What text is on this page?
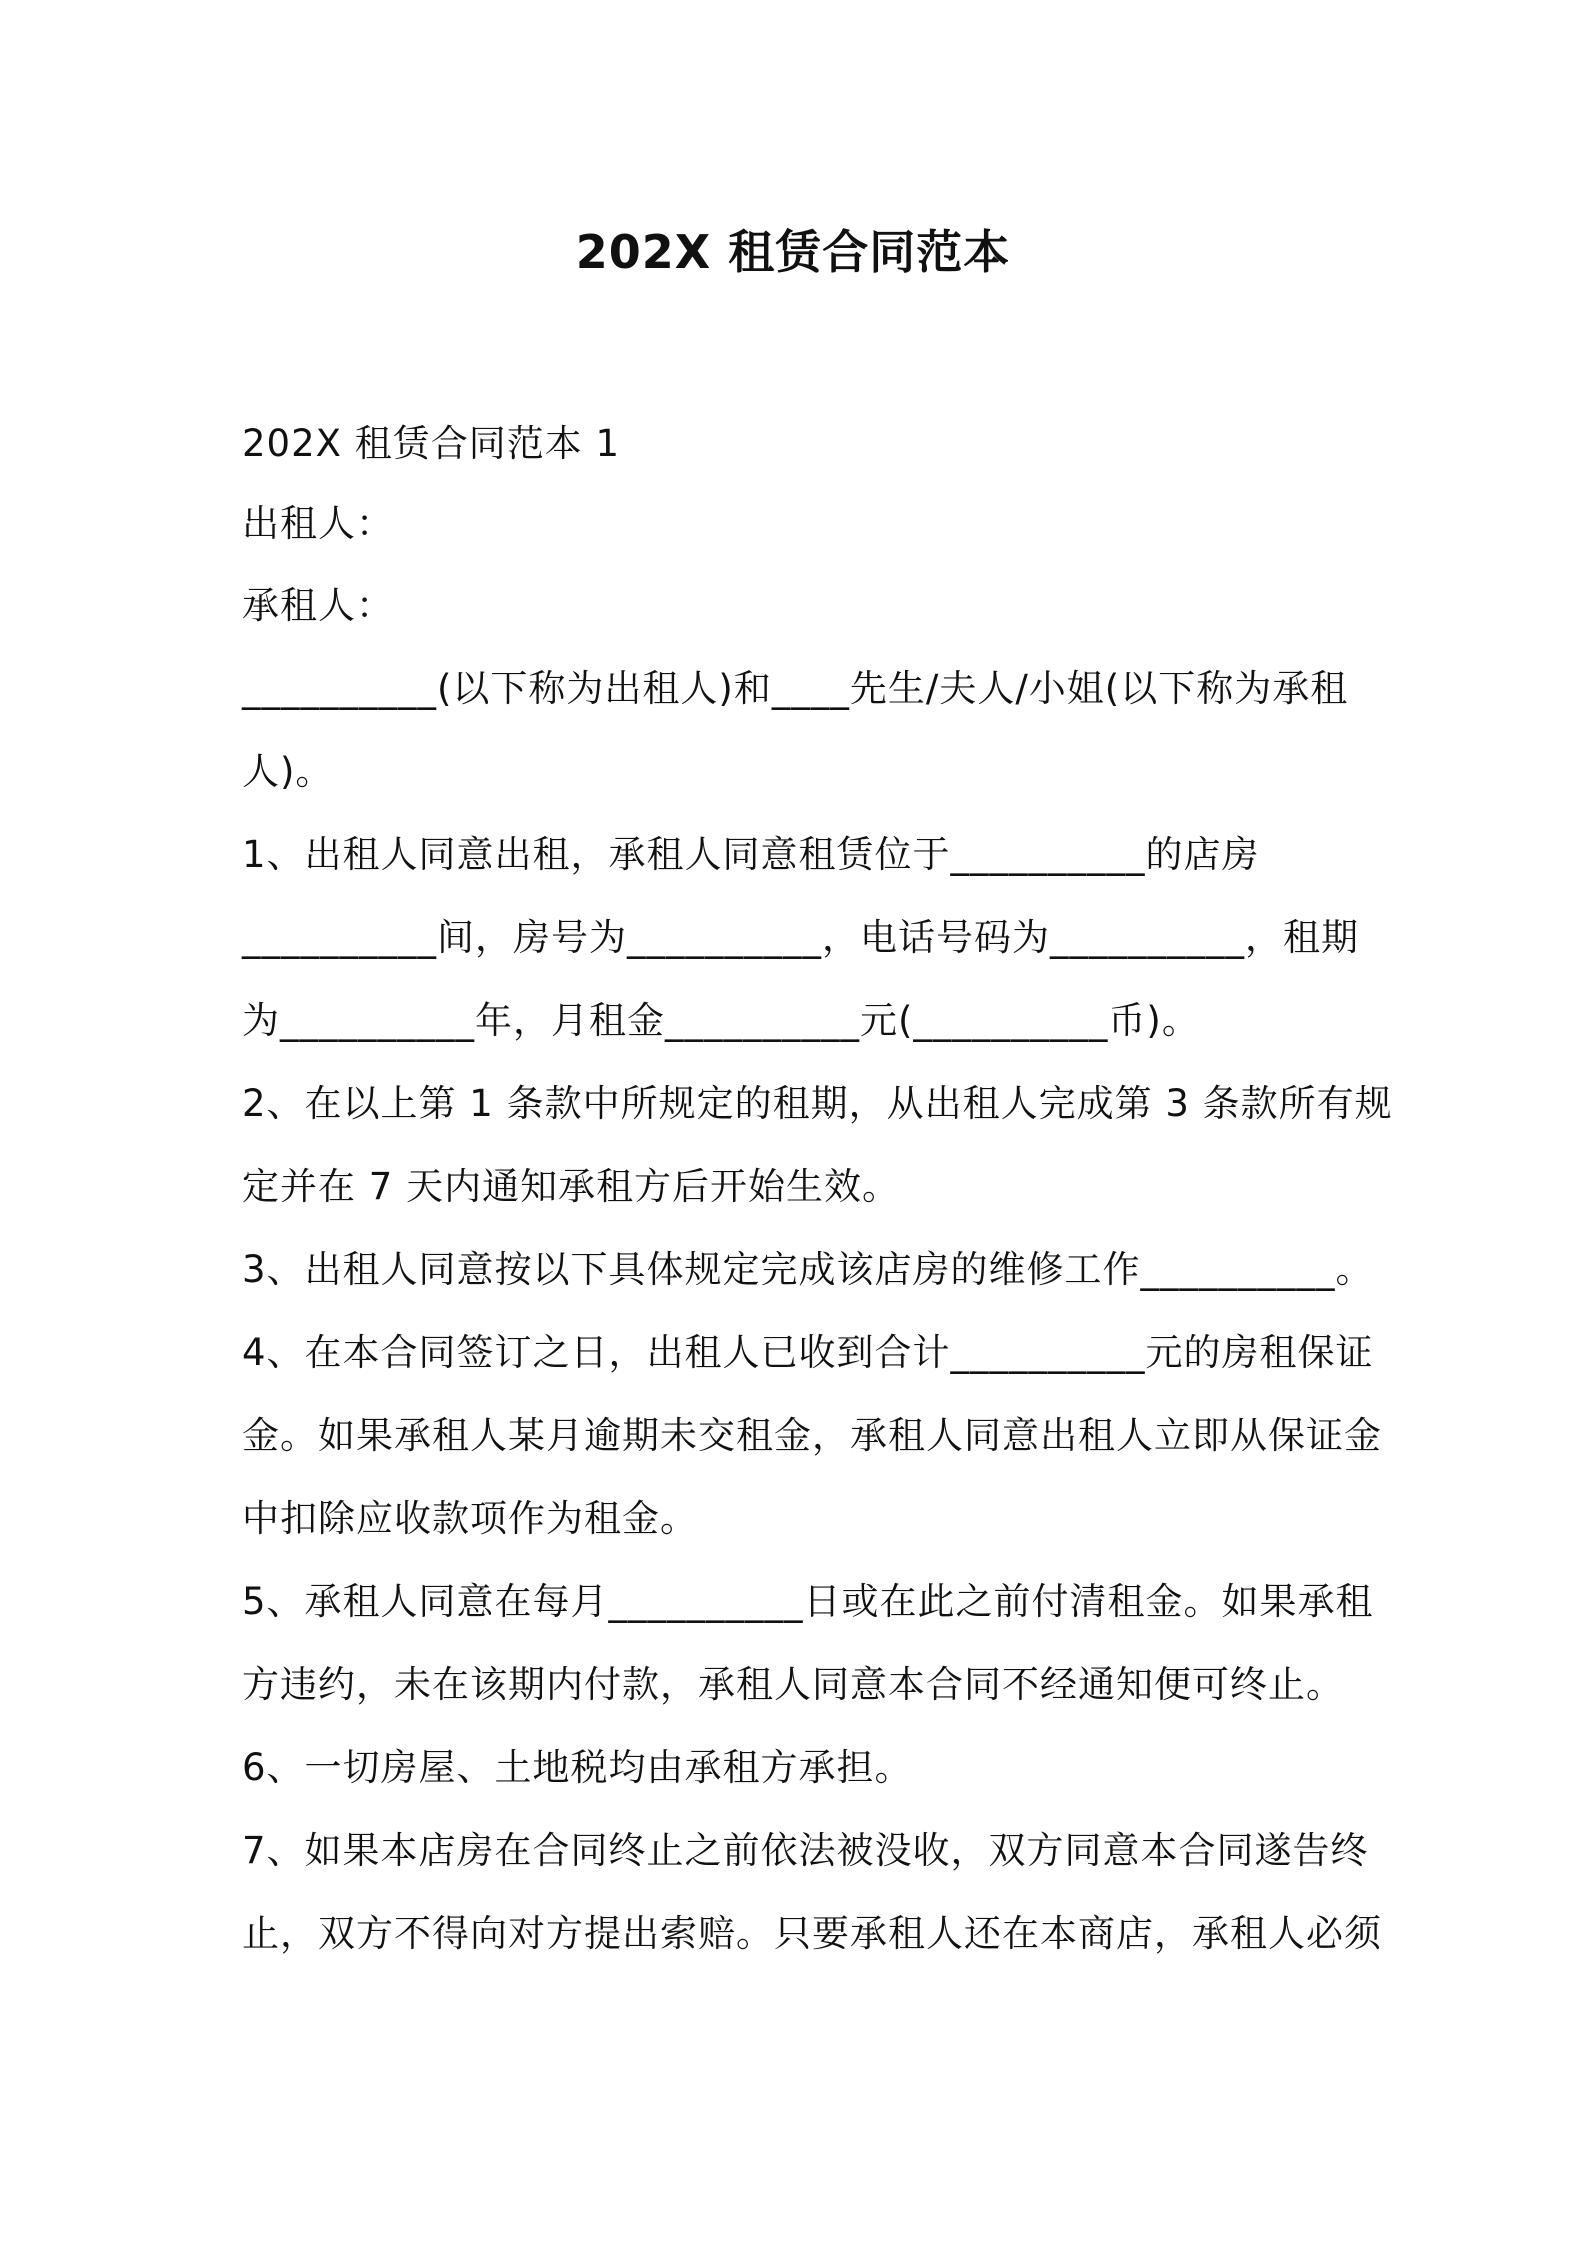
202X 租赁合同范本

202X 租赁合同范本 1

出租人：

承租人：

__________(以下称为出租人)和____先生/夫人/小姐(以下称为承租

人)。

1、出租人同意出租，承租人同意租赁位于__________的店房

__________间，房号为__________，电话号码为__________，租期

为__________年，月租金__________元(__________币)。

2、在以上第 1 条款中所规定的租期，从出租人完成第 3 条款所有规

定并在 7 天内通知承租方后开始生效。

3、出租人同意按以下具体规定完成该店房的维修工作__________。

4、在本合同签订之日，出租人已收到合计__________元的房租保证

金。如果承租人某月逾期未交租金，承租人同意出租人立即从保证金

中扣除应收款项作为租金。

5、承租人同意在每月__________日或在此之前付清租金。如果承租

方违约，未在该期内付款，承租人同意本合同不经通知便可终止。

6、一切房屋、土地税均由承租方承担。

7、如果本店房在合同终止之前依法被没收，双方同意本合同遂告终

止，双方不得向对方提出索赔。只要承租人还在本商店，承租人必须
